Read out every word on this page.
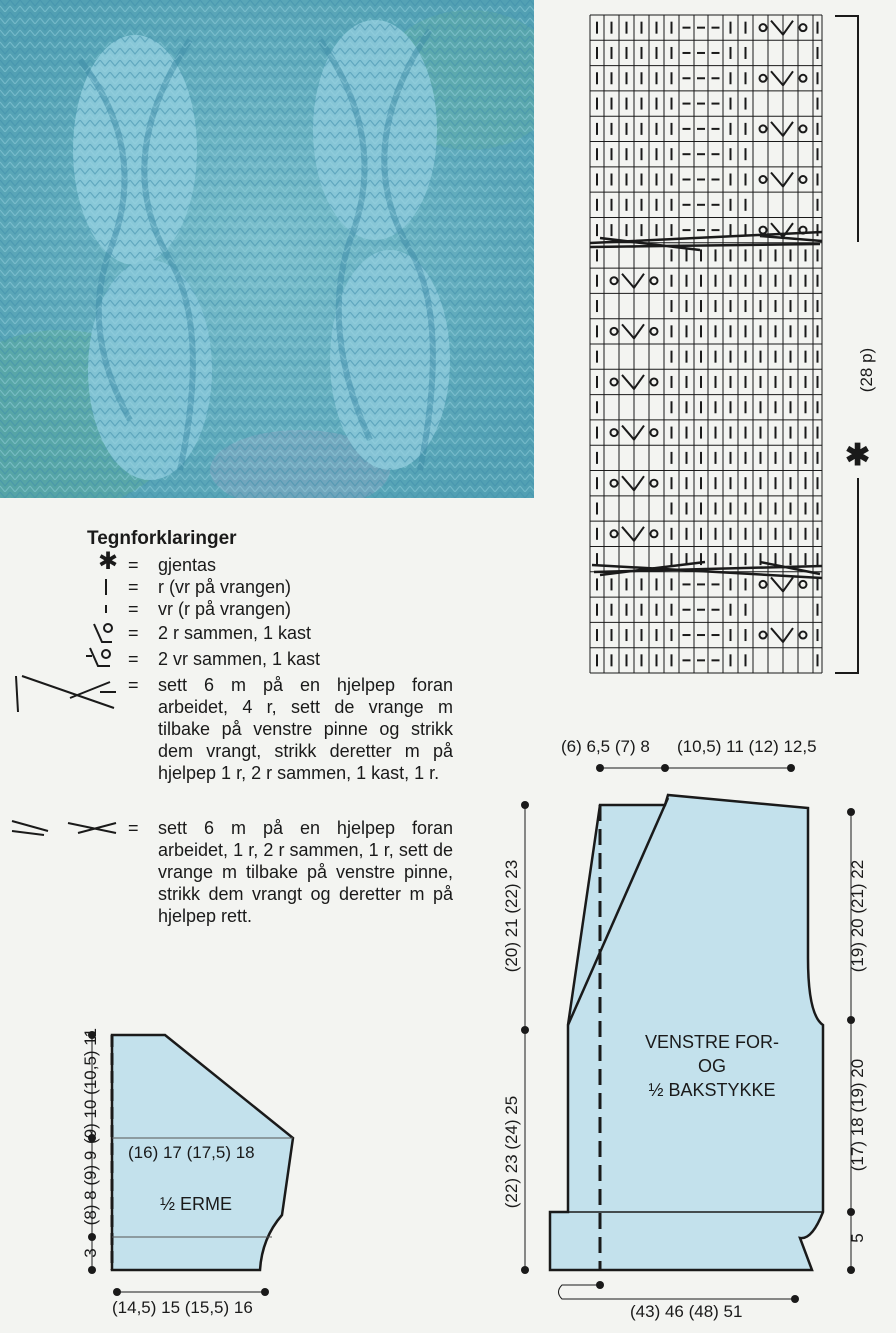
✱
(28 p)
Tegnforklaringer
✱ = gjentas
= r (vr på vrangen)
= vr (r på vrangen)
= 2 r sammen, 1 kast
= 2 vr sammen, 1 kast
= sett 6 m på en hjelpep foran arbeidet, 4 r, sett de vrange m tilbake på venstre pinne og strikk dem vrangt, strikk deretter m på hjelpep 1 r, 2 r sammen, 1 kast, 1 r.
= sett 6 m på en hjelpep foran arbeidet, 1 r, 2 r sammen, 1 r, sett de vrange m tilbake på venstre pinne, strikk dem vrangt og deretter m på hjelpep rett.
(16) 17 (17,5) 18
½ ERME
(14,5) 15 (15,5) 16
3
(8) 8 (9) 9
(9) 10 (10,5) 11
(6) 6,5 (7) 8 (10,5) 11 (12) 12,5
VENSTRE FOR-
OG
½ BAKSTYKKE
(43) 46 (48) 51
(22) 23 (24) 25
(20) 21 (22) 23
5
(17) 18 (19) 20
(19) 20 (21) 22
